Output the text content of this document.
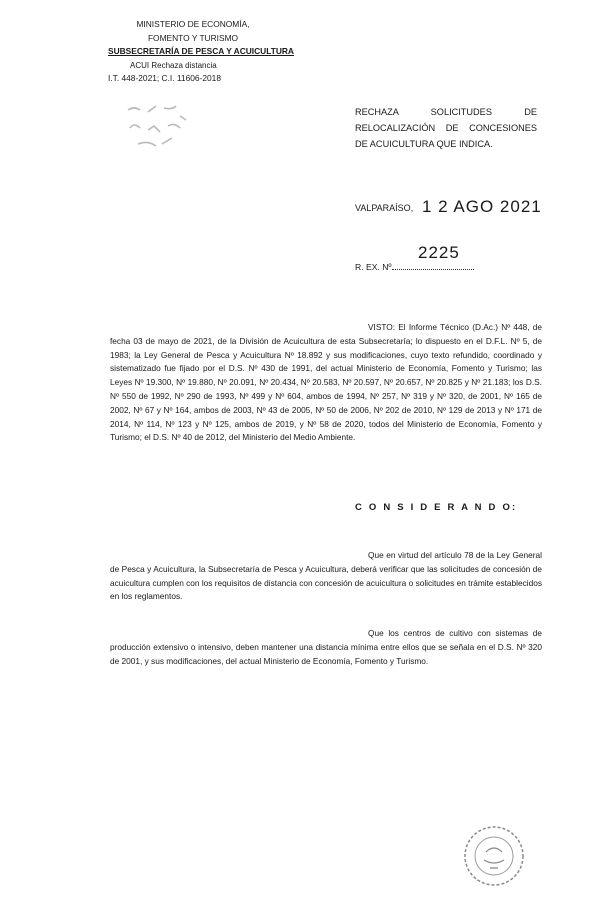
MINISTERIO DE ECONOMÍA,
FOMENTO Y TURISMO
SUBSECRETARÍA DE PESCA Y ACUICULTURA
ACUI Rechaza distancia
I.T. 448-2021; C.I. 11606-2018
RECHAZA SOLICITUDES DE
RELOCALIZACIÓN DE CONCESIONES
DE ACUICULTURA QUE INDICA.
VALPARAÍSO, 1 2 AGO 2021
R. EX. Nº
2225

VISTO: El Informe Técnico (D.Ac.) Nº 448, de fecha 03 de mayo de 2021, de la División de Acuicultura de esta Subsecretaría; lo dispuesto en el D.F.L. Nº 5, de 1983; la Ley General de Pesca y Acuicultura Nº 18.892 y sus modificaciones, cuyo texto refundido, coordinado y sistematizado fue fijado por el D.S. Nº 430 de 1991, del actual Ministerio de Economía, Fomento y Turismo; las Leyes Nº 19.300, Nº 19.880, Nº 20.091, Nº 20.434, Nº 20.583, Nº 20.597, Nº 20.657, Nº 20.825 y Nº 21.183; los D.S. Nº 550 de 1992, Nº 290 de 1993, Nº 499 y Nº 604, ambos de 1994, Nº 257, Nº 319 y Nº 320, de 2001, Nº 165 de 2002, Nº 67 y Nº 164, ambos de 2003, Nº 43 de 2005, Nº 50 de 2006, Nº 202 de 2010, Nº 129 de 2013 y Nº 171 de 2014, Nº 114, Nº 123 y Nº 125, ambos de 2019, y Nº 58 de 2020, todos del Ministerio de Economía, Fomento y Turismo; el D.S. Nº 40 de 2012, del Ministerio del Medio Ambiente.

C O N S I D E R A N D O:

Que en virtud del artículo 78 de la Ley General de Pesca y Acuicultura, la Subsecretaría de Pesca y Acuicultura, deberá verificar que las solicitudes de concesión de acuicultura cumplen con los requisitos de distancia con concesión de acuicultura o solicitudes en trámite establecidos en los reglamentos.

Que los centros de cultivo con sistemas de producción extensivo o intensivo, deben mantener una distancia mínima entre ellos que se señala en el D.S. Nº 320 de 2001, y sus modificaciones, del actual Ministerio de Economía, Fomento y Turismo.
